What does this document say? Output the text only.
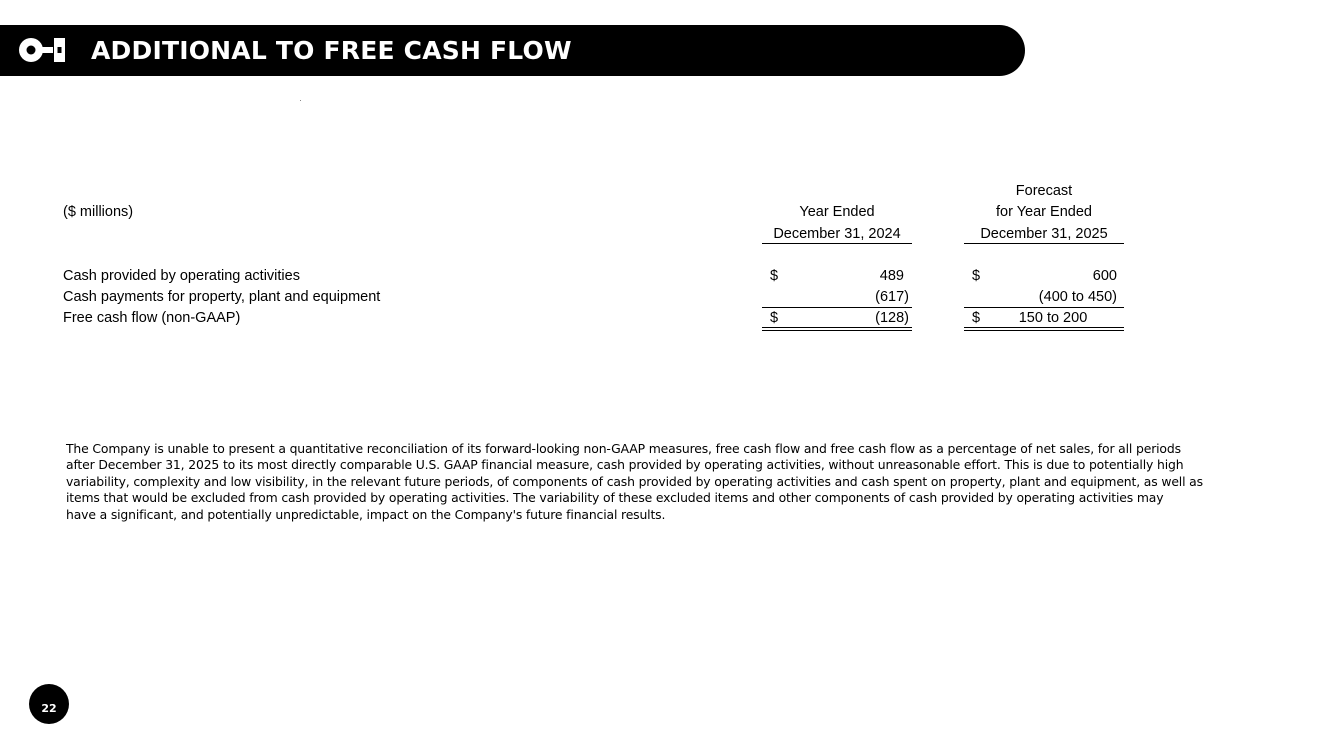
ADDITIONAL TO FREE CASH FLOW
($ millions)	Year Ended
December 31, 2024
Forecast
for Year Ended
December 31, 2025
Cash provided by operating activities	$	489	$	600
Cash payments for property, plant and equipment	(617)	(400 to 450)
Free cash flow (non-GAAP)	$	(128)	$	150 to 200
The Company is unable to present a quantitative reconciliation of its forward-looking non-GAAP measures, free cash flow and free cash flow as a percentage of net sales, for all periods
after December 31, 2025 to its most directly comparable U.S. GAAP financial measure, cash provided by operating activities, without unreasonable effort. This is due to potentially high
variability, complexity and low visibility, in the relevant future periods, of components of cash provided by operating activities and cash spent on property, plant and equipment, as well as
items that would be excluded from cash provided by operating activities. The variability of these excluded items and other components of cash provided by operating activities may
have a significant, and potentially unpredictable, impact on the Company's future financial results.
22
